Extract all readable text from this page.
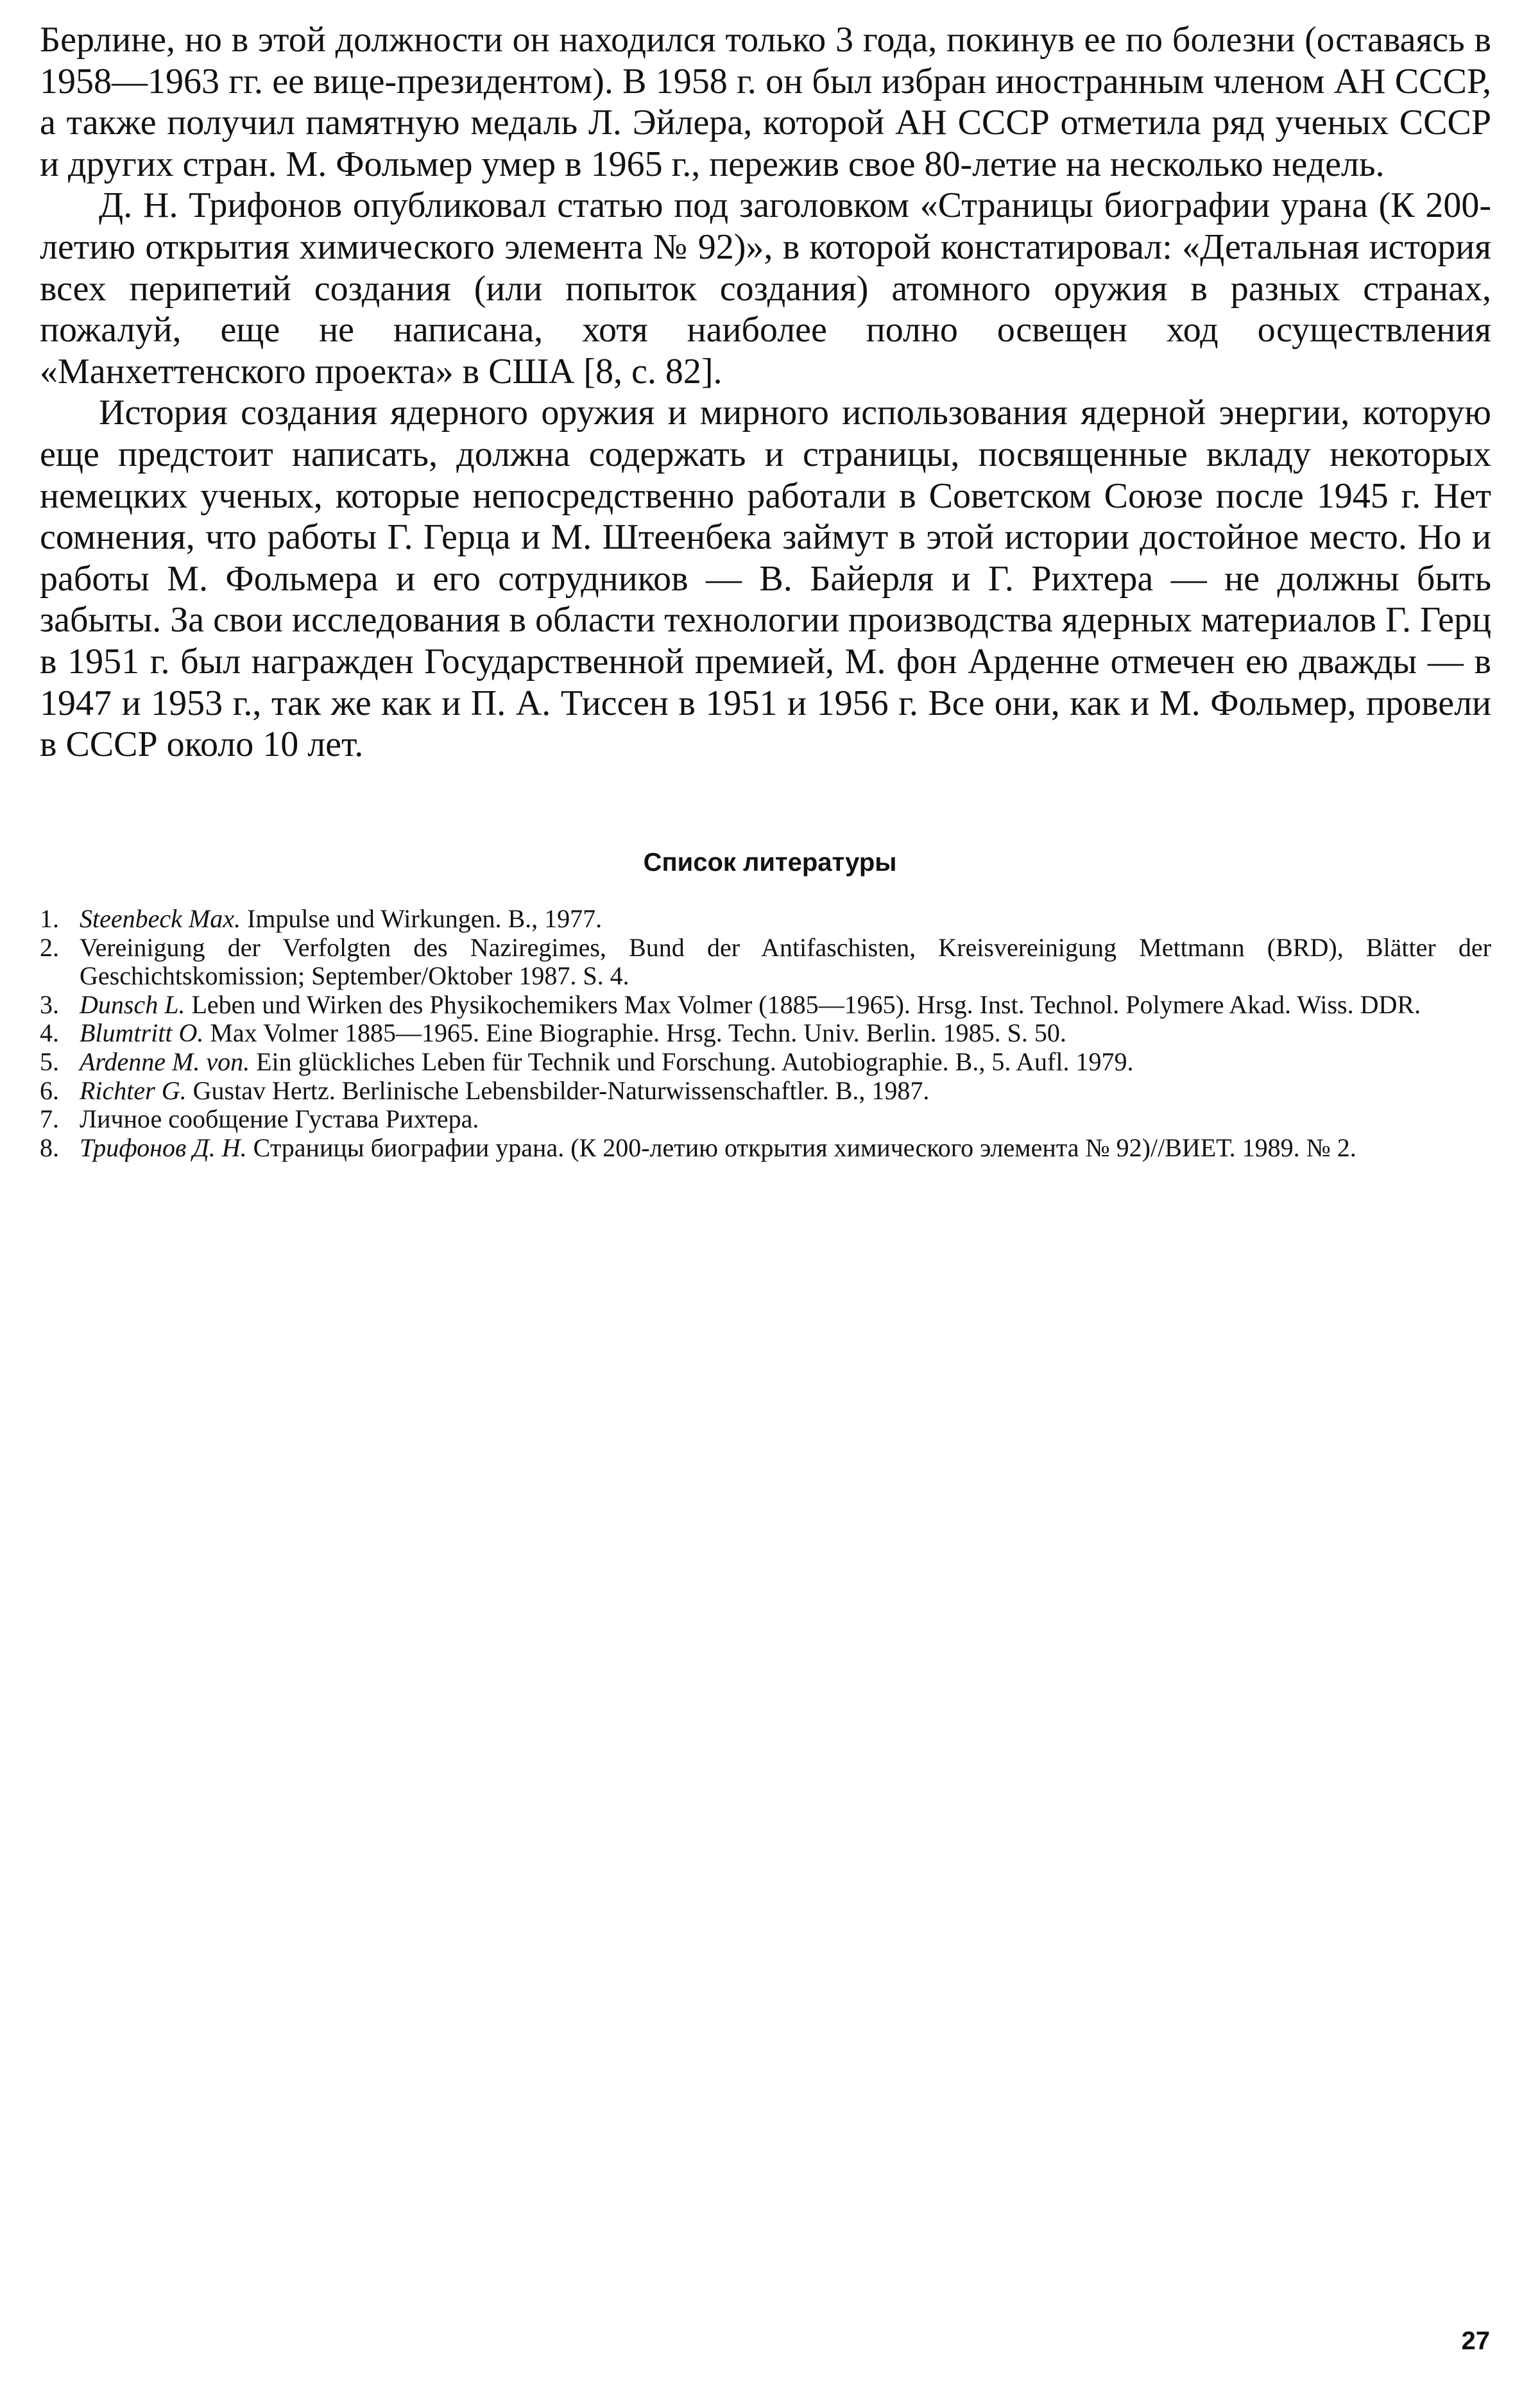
Берлине, но в этой должности он находился только 3 года, покинув ее по болезни (оставаясь в 1958—1963 гг. ее вице-президентом). В 1958 г. он был избран иностранным членом АН СССР, а также получил памятную медаль Л. Эйлера, которой АН СССР отметила ряд ученых СССР и других стран. М. Фольмер умер в 1965 г., пережив свое 80-летие на несколько недель.

Д. Н. Трифонов опубликовал статью под заголовком «Страницы биографии урана (К 200-летию открытия химического элемента № 92)», в которой констатировал: «Детальная история всех перипетий создания (или попыток создания) атомного оружия в разных странах, пожалуй, еще не написана, хотя наиболее полно освещен ход осуществления «Манхеттенского проекта» в США [8, с. 82].

История создания ядерного оружия и мирного использования ядерной энергии, которую еще предстоит написать, должна содержать и страницы, посвященные вкладу некоторых немецких ученых, которые непосредственно работали в Советском Союзе после 1945 г. Нет сомнения, что работы Г. Герца и М. Штеенбека займут в этой истории достойное место. Но и работы М. Фольмера и его сотрудников — В. Байерля и Г. Рихтера — не должны быть забыты. За свои исследования в области технологии производства ядерных материалов Г. Герц в 1951 г. был награжден Государственной премией, М. фон Арденне отмечен ею дважды — в 1947 и 1953 г., так же как и П. А. Тиссен в 1951 и 1956 г. Все они, как и М. Фольмер, провели в СССР около 10 лет.

Список литературы
1. Steenbeck Max. Impulse und Wirkungen. B., 1977.
2. Vereinigung der Verfolgten des Naziregimes, Bund der Antifaschisten, Kreisvereinigung Mettmann (BRD), Blätter der Geschichtskomission; September/Oktober 1987. S. 4.
3. Dunsch L. Leben und Wirken des Physikochemikers Max Volmer (1885—1965). Hrsg. Inst. Technol. Polymere Akad. Wiss. DDR.
4. Blumtritt O. Max Volmer 1885—1965. Eine Biographie. Hrsg. Techn. Univ. Berlin. 1985. S. 50.
5. Ardenne M. von. Ein glückliches Leben für Technik und Forschung. Autobiographie. B., 5. Aufl. 1979.
6. Richter G. Gustav Hertz. Berlinische Lebensbilder-Naturwissenschaftler. B., 1987.
7. Личное сообщение Густава Рихтера.
8. Трифонов Д. Н. Страницы биографии урана. (К 200-летию открытия химического элемента № 92)//ВИЕТ. 1989. № 2.
27
